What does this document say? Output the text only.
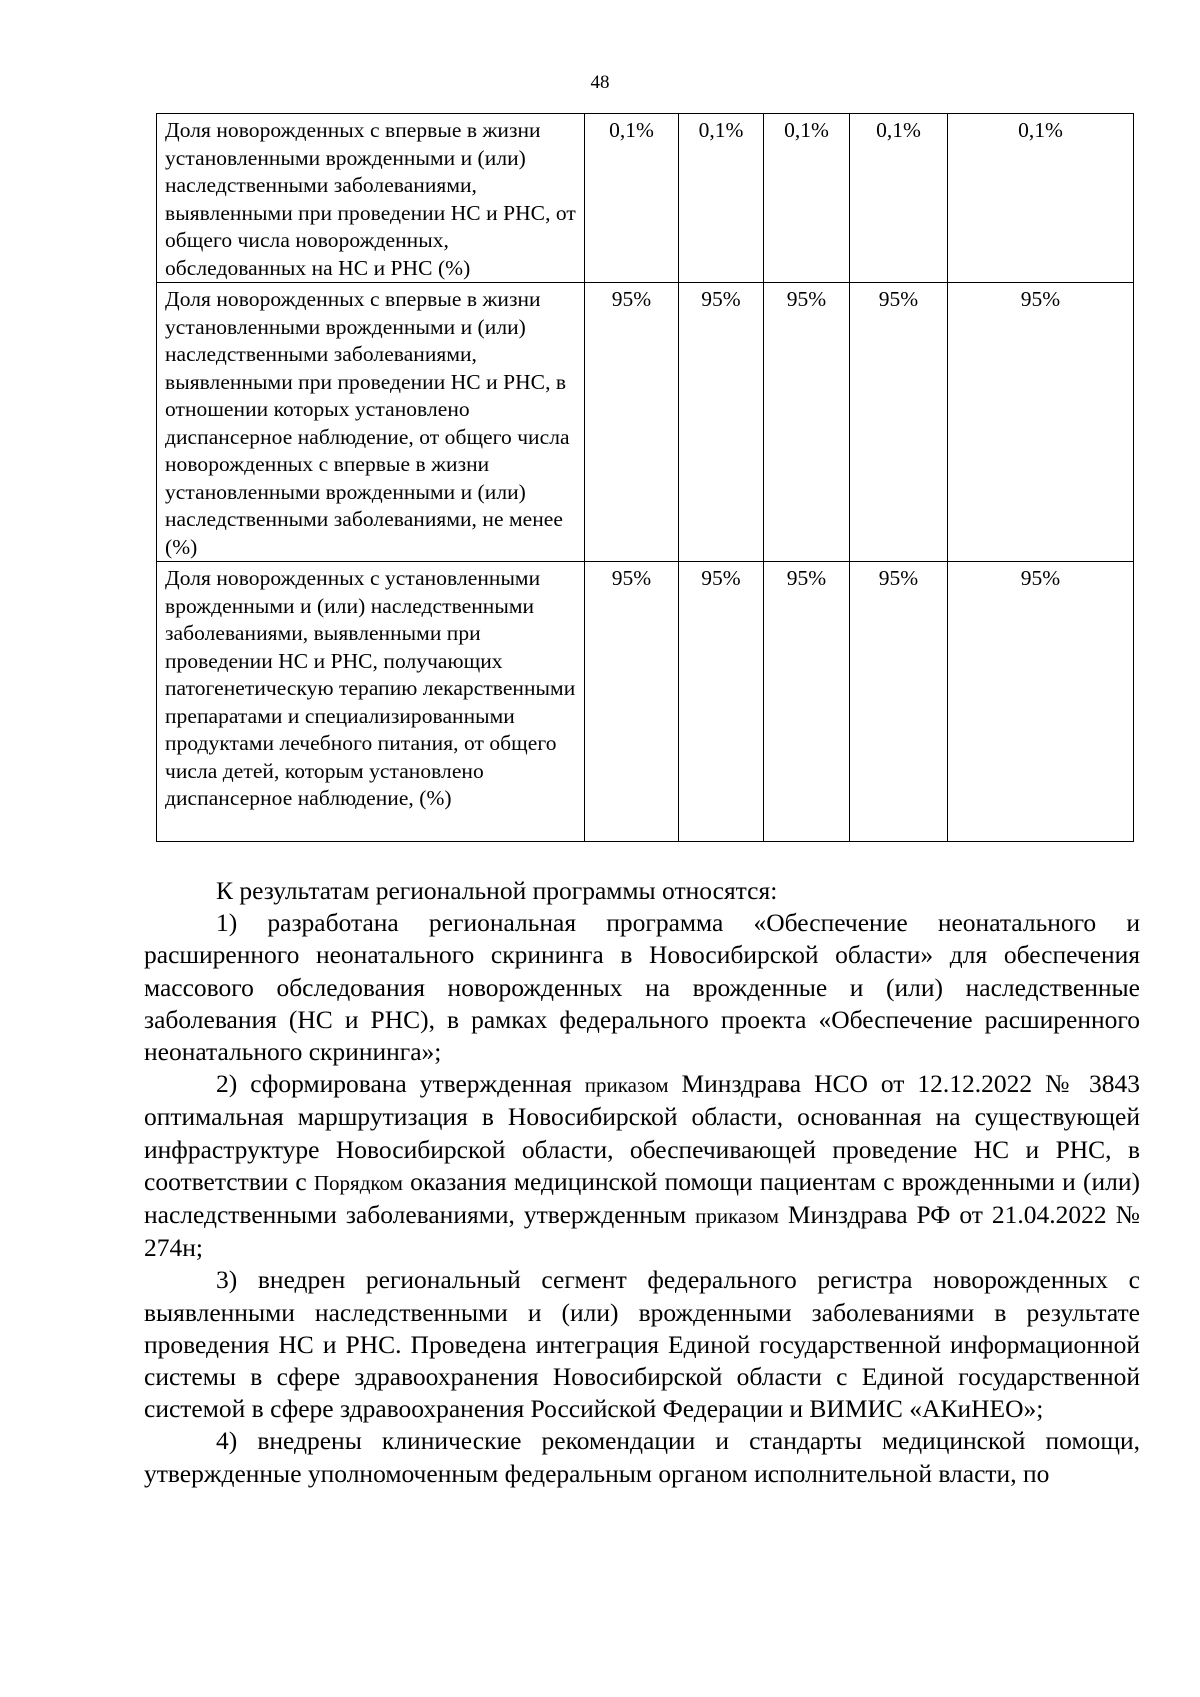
48
Доля новорожденных с впервые в жизни установленными врожденными и (или) наследственными заболеваниями, выявленными при проведении НС и РНС, от общего числа новорожденных, обследованных на НС и РНС (%)	0,1%	0,1%	0,1%	0,1%	0,1%
Доля новорожденных с впервые в жизни установленными врожденными и (или) наследственными заболеваниями, выявленными при проведении НС и РНС, в отношении которых установлено диспансерное наблюдение, от общего числа новорожденных с впервые в жизни установленными врожденными и (или) наследственными заболеваниями, не менее (%)	95%	95%	95%	95%	95%
Доля новорожденных с установленными врожденными и (или) наследственными заболеваниями, выявленными при проведении НС и РНС, получающих патогенетическую терапию лекарственными препаратами и специализированными продуктами лечебного питания, от общего числа детей, которым установлено диспансерное наблюдение, (%)	95%	95%	95%	95%	95%

К результатам региональной программы относятся:

1) разработана региональная программа «Обеспечение неонатального и расширенного неонатального скрининга в Новосибирской области» для обеспечения массового обследования новорожденных на врожденные и (или) наследственные заболевания (НС и РНС), в рамках федерального проекта «Обеспечение расширенного неонатального скрининга»;

2) сформирована утвержденная приказом Минздрава НСО от 12.12.2022 № 3843 оптимальная маршрутизация в Новосибирской области, основанная на существующей инфраструктуре Новосибирской области, обеспечивающей проведение НС и РНС, в соответствии с Порядком оказания медицинской помощи пациентам с врожденными и (или) наследственными заболеваниями, утвержденным приказом Минздрава РФ от 21.04.2022 № 274н;

3) внедрен региональный сегмент федерального регистра новорожденных с выявленными наследственными и (или) врожденными заболеваниями в результате проведения НС и РНС. Проведена интеграция Единой государственной информационной системы в сфере здравоохранения Новосибирской области с Единой государственной системой в сфере здравоохранения Российской Федерации и ВИМИС «АКиНЕО»;

4) внедрены клинические рекомендации и стандарты медицинской помощи, утвержденные уполномоченным федеральным органом исполнительной власти, по
